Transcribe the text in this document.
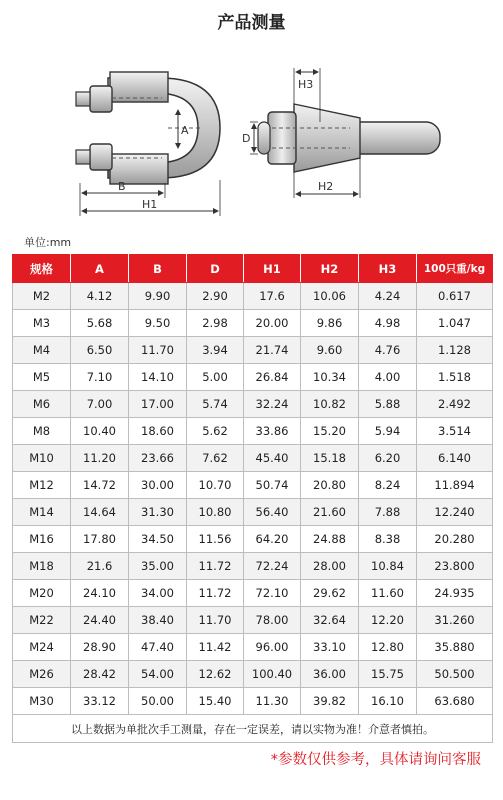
产品测量
A
B
H1
D
H3
H2
单位:mm
规格	A	B	D	H1	H2	H3	100只重/kg
M2	4.12	9.90	2.90	17.6	10.06	4.24	0.617
M3	5.68	9.50	2.98	20.00	9.86	4.98	1.047
M4	6.50	11.70	3.94	21.74	9.60	4.76	1.128
M5	7.10	14.10	5.00	26.84	10.34	4.00	1.518
M6	7.00	17.00	5.74	32.24	10.82	5.88	2.492
M8	10.40	18.60	5.62	33.86	15.20	5.94	3.514
M10	11.20	23.66	7.62	45.40	15.18	6.20	6.140
M12	14.72	30.00	10.70	50.74	20.80	8.24	11.894
M14	14.64	31.30	10.80	56.40	21.60	7.88	12.240
M16	17.80	34.50	11.56	64.20	24.88	8.38	20.280
M18	21.6	35.00	11.72	72.24	28.00	10.84	23.800
M20	24.10	34.00	11.72	72.10	29.62	11.60	24.935
M22	24.40	38.40	11.70	78.00	32.64	12.20	31.260
M24	28.90	47.40	11.42	96.00	33.10	12.80	35.880
M26	28.42	54.00	12.62	100.40	36.00	15.75	50.500
M30	33.12	50.00	15.40	11.30	39.82	16.10	63.680
以上数据为单批次手工测量，存在一定误差，请以实物为准！介意者慎拍。							
*参数仅供参考，具体请询问客服
